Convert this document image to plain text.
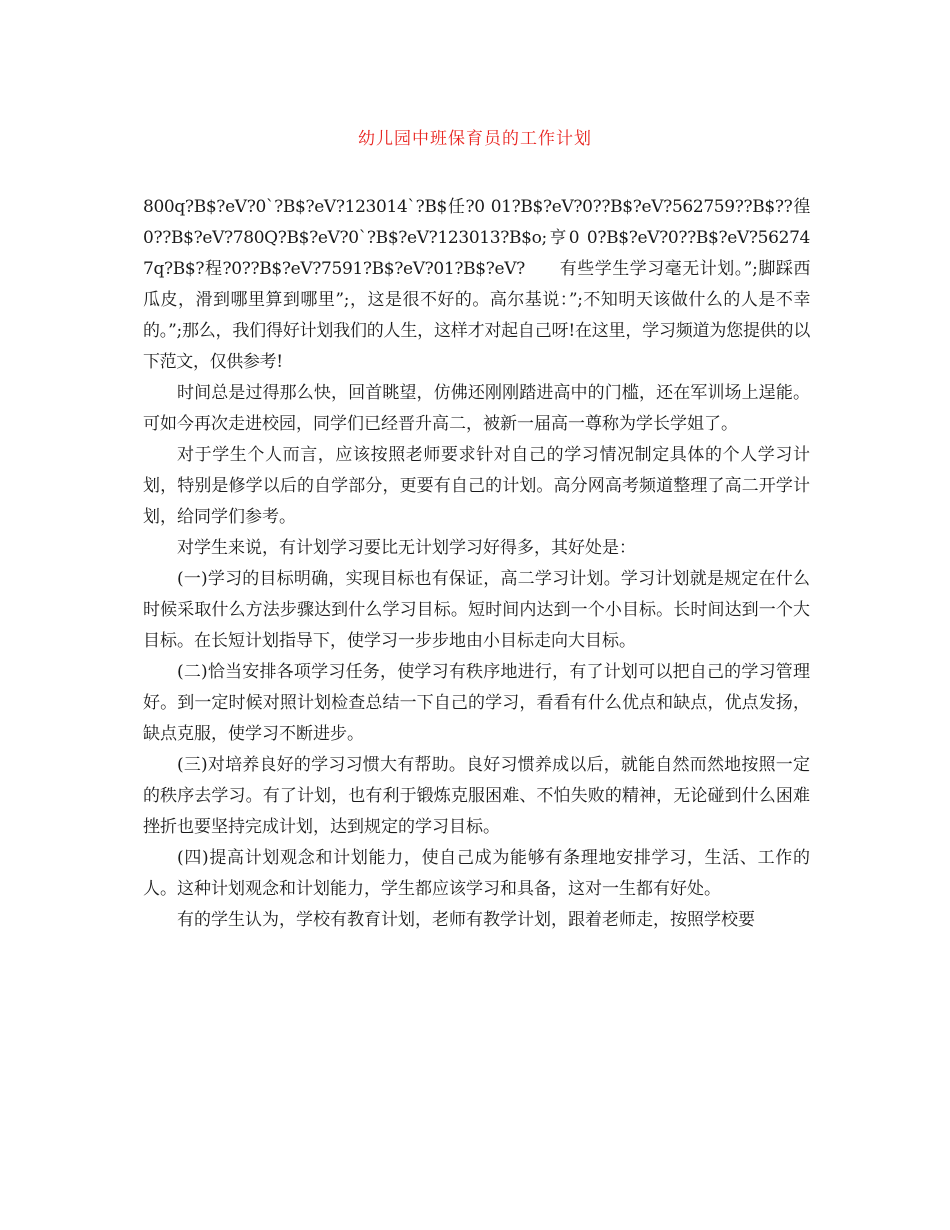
幼儿园中班保育员的工作计划

800q?B$?eV?0`?B$?eV?123014`?B$任?0 01?B$?eV?0??B$?eV?562759??B$??徨0??B$?eV?780Q?B$?eV?0`?B$?eV?123013?B$o;亨0 0?B$?eV?0??B$?eV?562747q?B$?程?0??B$?eV?7591?B$?eV?01?B$?eV? 有些学生学习毫无计划。”;脚踩西瓜皮，滑到哪里算到哪里”;，这是很不好的。高尔基说：”;不知明天该做什么的人是不幸的。”;那么，我们得好计划我们的人生，这样才对起自己呀!在这里，学习频道为您提供的以下范文，仅供参考!

时间总是过得那么快，回首眺望，仿佛还刚刚踏进高中的门槛，还在军训场上逞能。可如今再次走进校园，同学们已经晋升高二，被新一届高一尊称为学长学姐了。

对于学生个人而言，应该按照老师要求针对自己的学习情况制定具体的个人学习计划，特别是修学以后的自学部分，更要有自己的计划。高分网高考频道整理了高二开学计划，给同学们参考。

对学生来说，有计划学习要比无计划学习好得多，其好处是：

(一)学习的目标明确，实现目标也有保证，高二学习计划。学习计划就是规定在什么时候采取什么方法步骤达到什么学习目标。短时间内达到一个小目标。长时间达到一个大目标。在长短计划指导下，使学习一步步地由小目标走向大目标。

(二)恰当安排各项学习任务，使学习有秩序地进行，有了计划可以把自己的学习管理好。到一定时候对照计划检查总结一下自己的学习，看看有什么优点和缺点，优点发扬，缺点克服，使学习不断进步。

(三)对培养良好的学习习惯大有帮助。良好习惯养成以后，就能自然而然地按照一定的秩序去学习。有了计划，也有利于锻炼克服困难、不怕失败的精神，无论碰到什么困难挫折也要坚持完成计划，达到规定的学习目标。

(四)提高计划观念和计划能力，使自己成为能够有条理地安排学习，生活、工作的人。这种计划观念和计划能力，学生都应该学习和具备，这对一生都有好处。

有的学生认为，学校有教育计划，老师有教学计划，跟着老师走，按照学校要
